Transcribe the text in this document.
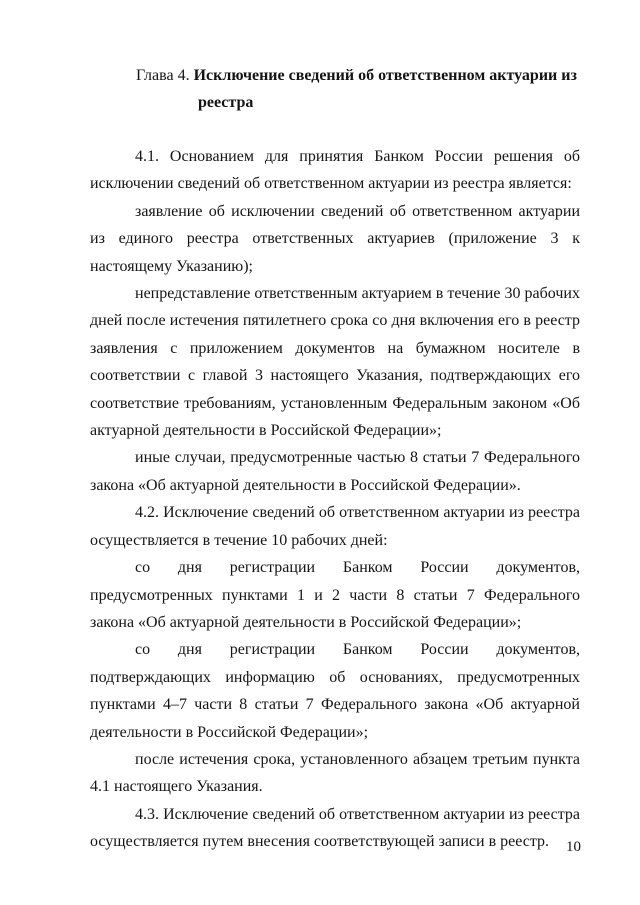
Глава 4. Исключение сведений об ответственном актуарии из
реестра

4.1. Основанием для принятия Банком России решения об исключении сведений об ответственном актуарии из реестра является:

заявление об исключении сведений об ответственном актуарии из единого реестра ответственных актуариев (приложение 3 к настоящему Указанию);

непредставление ответственным актуарием в течение 30 рабочих дней после истечения пятилетнего срока со дня включения его в реестр заявления с приложением документов на бумажном носителе в соответствии с главой 3 настоящего Указания, подтверждающих его соответствие требованиям, установленным Федеральным законом «Об актуарной деятельности в Российской Федерации»;

иные случаи, предусмотренные частью 8 статьи 7 Федерального закона «Об актуарной деятельности в Российской Федерации».

4.2. Исключение сведений об ответственном актуарии из реестра осуществляется в течение 10 рабочих дней:

со дня регистрации Банком России документов, предусмотренных пунктами 1 и 2 части 8 статьи 7 Федерального закона «Об актуарной деятельности в Российской Федерации»;

со дня регистрации Банком России документов, подтверждающих информацию об основаниях, предусмотренных пунктами 4–7 части 8 статьи 7 Федерального закона «Об актуарной деятельности в Российской Федерации»;

после истечения срока, установленного абзацем третьим пункта 4.1 настоящего Указания.

4.3. Исключение сведений об ответственном актуарии из реестра осуществляется путем внесения соответствующей записи в реестр.	10
